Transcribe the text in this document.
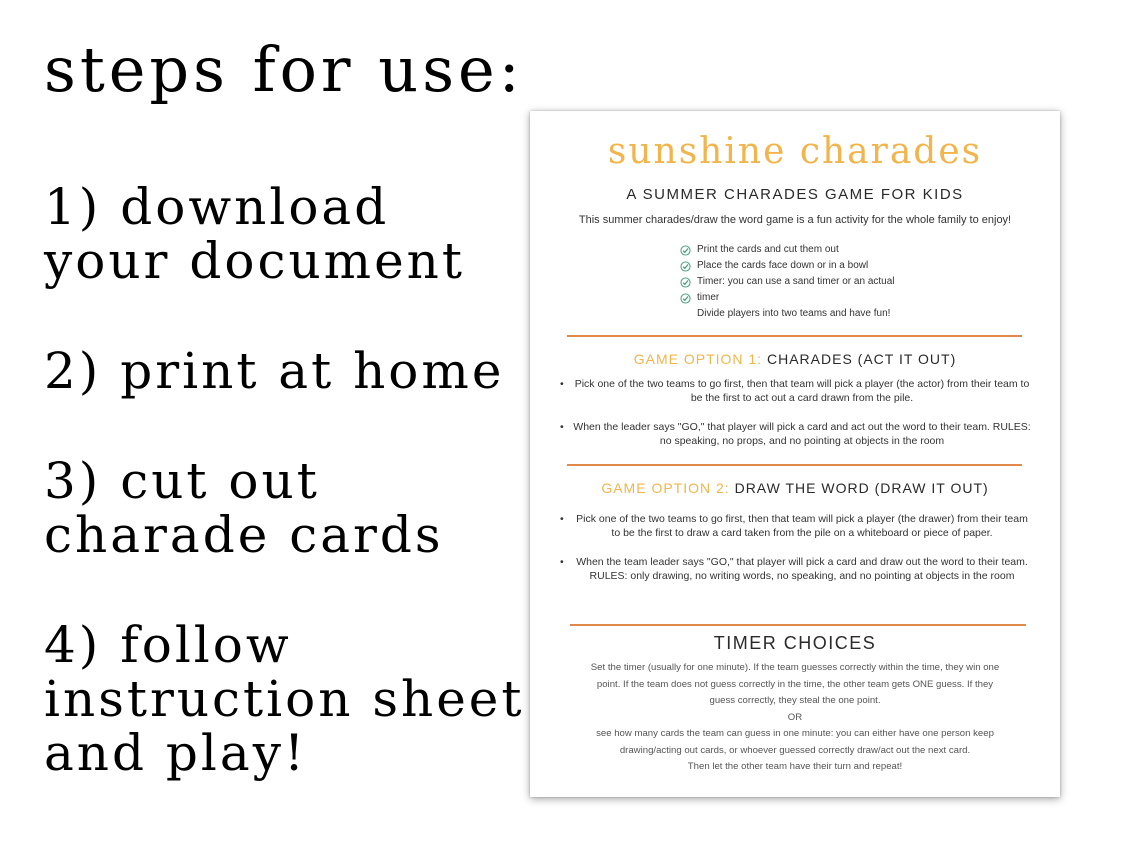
steps for use:
1) download
your document
2) print at home
3) cut out
charade cards
4) follow
instruction sheet
and play!
sunshine charades
A SUMMER CHARADES GAME FOR KIDS
This summer charades/draw the word game is a fun activity for the whole family to enjoy!
Print the cards and cut them out
Place the cards face down or in a bowl
Timer: you can use a sand timer or an actual
timer
Divide players into two teams and have fun!
GAME OPTION 1: CHARADES (ACT IT OUT)
• Pick one of the two teams to go first, then that team will pick a player (the actor) from their team to be the first to act out a card drawn from the pile.
• When the leader says "GO," that player will pick a card and act out the word to their team. RULES: no speaking, no props, and no pointing at objects in the room
GAME OPTION 2: DRAW THE WORD (DRAW IT OUT)
• Pick one of the two teams to go first, then that team will pick a player (the drawer) from their team to be the first to draw a card taken from the pile on a whiteboard or piece of paper.
• When the team leader says "GO," that player will pick a card and draw out the word to their team. RULES: only drawing, no writing words, no speaking, and no pointing at objects in the room
TIMER CHOICES
Set the timer (usually for one minute). If the team guesses correctly within the time, they win one
point. If the team does not guess correctly in the time, the other team gets ONE guess. If they
guess correctly, they steal the one point.
OR
see how many cards the team can guess in one minute: you can either have one person keep
drawing/acting out cards, or whoever guessed correctly draw/act out the next card.
Then let the other team have their turn and repeat!
